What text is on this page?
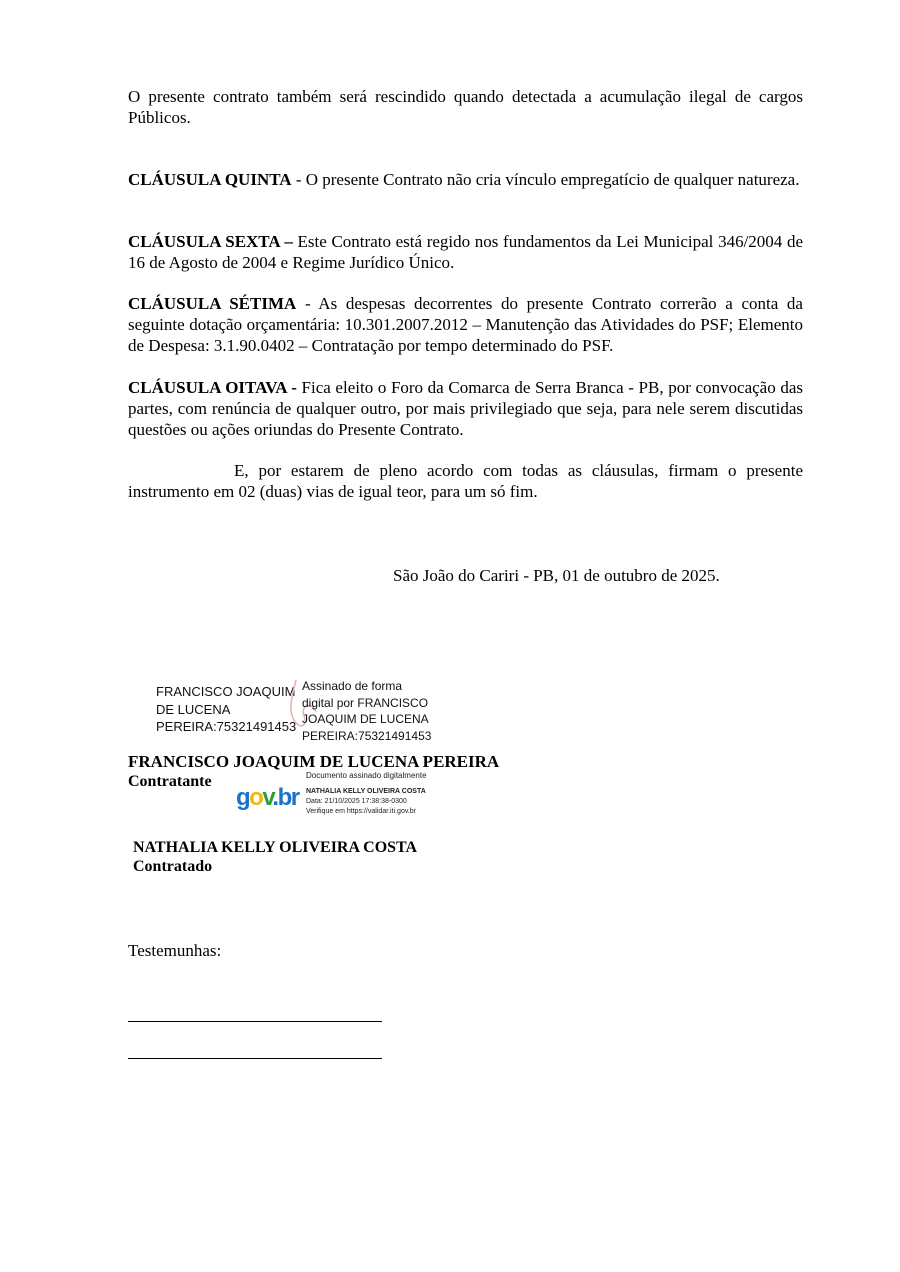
O presente contrato também será rescindido quando detectada a acumulação ilegal de cargos Públicos.

CLÁUSULA QUINTA - O presente Contrato não cria vínculo empregatício de qualquer natureza.

CLÁUSULA SEXTA – Este Contrato está regido nos fundamentos da Lei Municipal 346/2004 de 16 de Agosto de 2004 e Regime Jurídico Único.

CLÁUSULA SÉTIMA - As despesas decorrentes do presente Contrato correrão a conta da seguinte dotação orçamentária: 10.301.2007.2012 – Manutenção das Atividades do PSF; Elemento de Despesa: 3.1.90.0402 – Contratação por tempo determinado do PSF.

CLÁUSULA OITAVA - Fica eleito o Foro da Comarca de Serra Branca - PB, por convocação das partes, com renúncia de qualquer outro, por mais privilegiado que seja, para nele serem discutidas questões ou ações oriundas do Presente Contrato.

E, por estarem de pleno acordo com todas as cláusulas, firmam o presente instrumento em 02 (duas) vias de igual teor, para um só fim.

São João do Cariri - PB, 01 de outubro de 2025.
FRANCISCO JOAQUIM
DE LUCENA
PEREIRA:75321491453
Assinado de forma
digital por FRANCISCO
JOAQUIM DE LUCENA
PEREIRA:75321491453
FRANCISCO JOAQUIM DE LUCENA PEREIRA
Contratante
gov.br
Documento assinado digitalmente
NATHALIA KELLY OLIVEIRA COSTA
Data: 21/10/2025 17:38:38-0300
Verifique em https://validar.iti.gov.br
NATHALIA KELLY OLIVEIRA COSTA
Contratado
Testemunhas:
